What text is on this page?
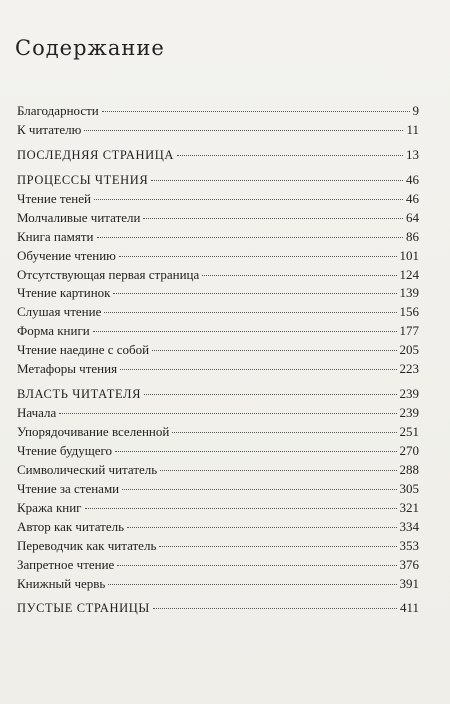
Содержание
Благодарности	9
К читателю	11
ПОСЛЕДНЯЯ СТРАНИЦА	13
ПРОЦЕССЫ ЧТЕНИЯ	46
Чтение теней	46
Молчаливые читатели	64
Книга памяти	86
Обучение чтению	101
Отсутствующая первая страница	124
Чтение картинок	139
Слушая чтение	156
Форма книги	177
Чтение наедине с собой	205
Метафоры чтения	223
ВЛАСТЬ ЧИТАТЕЛЯ	239
Начала	239
Упорядочивание вселенной	251
Чтение будущего	270
Символический читатель	288
Чтение за стенами	305
Кража книг	321
Автор как читатель	334
Переводчик как читатель	353
Запретное чтение	376
Книжный червь	391
ПУСТЫЕ СТРАНИЦЫ	411
